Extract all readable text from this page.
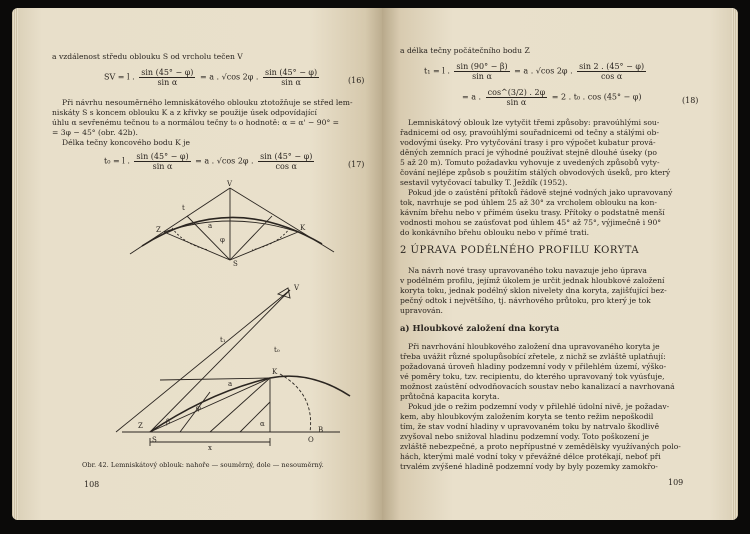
a vzdálenost středu oblouku S od vrcholu tečen V
SV = l . $\frac{\sin (45^\circ - \varphi)}{\text{sin α}} = a$ . √cos 2φ . $\frac{\sin (45^\circ - \varphi)}{\text{sin α}}$	(16)
Při návrhu nesouměrného lemniskátového oblouku ztotožňuje se střed lem-
niskáty S s koncem oblouku K a z křivky se použije úsek odpovídající
úhlu α sevřenému tečnou t₀ a normálou tečny t₀ o hodnotě: α = α' − 90° =
= 3φ − 45° (obr. 42b).
Délka tečny koncového bodu K je
t₀ = l . $\frac{\sin (45^\circ - \varphi)}{\text{sin α}} = a$ . √cos 2φ . $\frac{\sin (45^\circ - \varphi)}{\text{cos α}}$	(17)
V
Z	K
S
a
φ
t
V
K
Z
S	O
B
t₁
t₀
x
a
β	α
φ
Obr. 42. Lemniskátový oblouk: nahoře — souměrný, dole — nesouměrný.
108
a délka tečny počátečního bodu Z
t₁ = l . $\frac{\sin (90^\circ - \beta)}{\text{sin α}} = a$ . √cos 2φ . $\frac{\sin 2 . (45^\circ - \varphi)}{\text{cos α}}$
= a . $\frac{\cos\^{}(3/2) . 2\varphi}{\text{sin α}} = 2$ . t₀ . cos (45° − φ)	(18)
Lemniskátový oblouk lze vytyčit třemi způsoby: pravoúhlými sou-
řadnicemi od osy, pravoúhlými souřadnicemi od tečny a stálými ob-
vodovými úseky. Pro vytyčování trasy i pro výpočet kubatur prová-
děných zemních prací je výhodné používat stejně dlouhé úseky (po
5 až 20 m). Tomuto požadavku vyhovuje z uvedených způsobů vyty-
čování nejlépe způsob s použitím stálých obvodových úseků, pro který
sestavil vytyčovací tabulky T. Ježdík (1952).
Pokud jde o zaústění přítoků řádově stejné vodných jako upravovaný
tok, navrhuje se pod úhlem 25 až 30° za vrcholem oblouku na kon-
kávním břehu nebo v přímém úseku trasy. Přítoky o podstatně menší
vodnosti mohou se zaúsťovat pod úhlem 45° až 75°, výjimečně i 90°
do konkávního břehu oblouku nebo v přímé trati.
2 ÚPRAVA PODÉLNÉHO PROFILU KORYTA
Na návrh nové trasy upravovaného toku navazuje jeho úprava
v podélném profilu, jejímž úkolem je určit jednak hloubkové založení
koryta toku, jednak podélný sklon nivelety dna koryta, zajišťující bez-
pečný odtok i největšího, tj. návrhového průtoku, pro který je tok
upravován.
a) Hloubkové založení dna koryta
Při navrhování hloubkového založení dna upravovaného koryta je
třeba uvážit různé spolupůsobící zřetele, z nichž se zvláště uplatňují:
požadovaná úroveň hladiny podzemní vody v přilehlém území, výško-
vé poměry toku, tzv. recipientu, do kterého upravovaný tok vyúsťuje,
možnost zaústění odvodňovacích soustav nebo kanalizací a navrhovaná
průtočná kapacita koryta.
Pokud jde o režim podzemní vody v přilehlé údolní nivě, je požadav-
kem, aby hloubkovým založením koryta se tento režim nepoškodil
tím, že stav vodní hladiny v upravovaném toku by natrvalo škodlivě
zvyšoval nebo snižoval hladinu podzemní vody. Toto poškození je
zvláště nebezpečné, a proto nepřípustné v zemědělsky využívaných polo-
hách, kterými malé vodní toky v převážné délce protékají, neboť při
trvalém zvýšené hladině podzemní vody by byly pozemky zamokřo-
109
